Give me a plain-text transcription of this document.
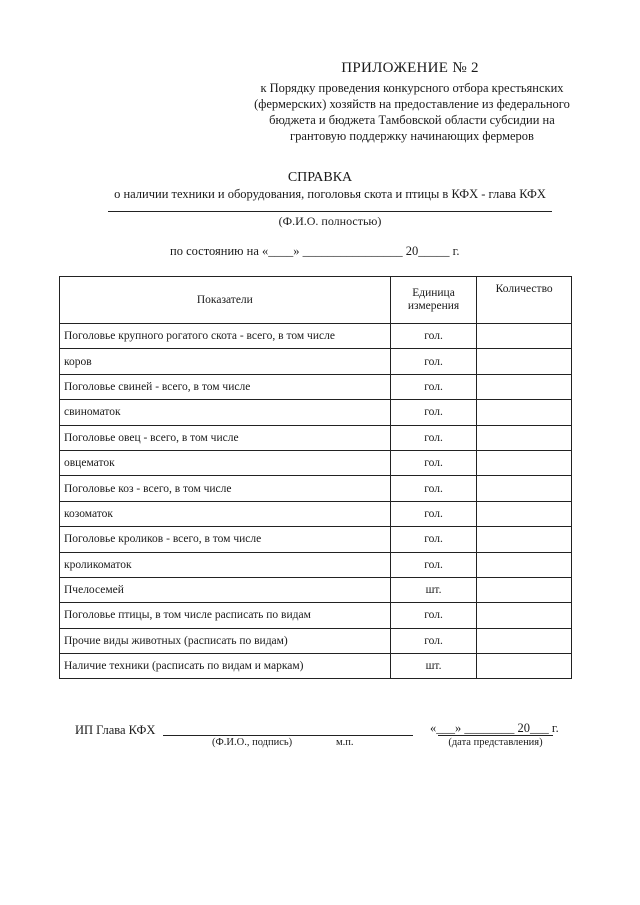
ПРИЛОЖЕНИЕ № 2
к Порядку проведения конкурсного отбора крестьянских
(фермерских) хозяйств на предоставление из федерального
бюджета и бюджета Тамбовской области субсидии на
грантовую поддержку начинающих фермеров
СПРАВКА
о наличии техники и оборудования, поголовья скота и птицы в КФХ - глава КФХ
(Ф.И.О. полностью)
по состоянию на «____» ________________ 20_____ г.
Показатели	Единица измерения	Количество
Поголовье крупного рогатого скота - всего, в том числе	гол.	
коров	гол.	
Поголовье свиней - всего, в том числе	гол.	
свиноматок	гол.	
Поголовье овец - всего, в том числе	гол.	
овцематок	гол.	
Поголовье коз - всего, в том числе	гол.	
козоматок	гол.	
Поголовье кроликов - всего, в том числе	гол.	
кроликоматок	гол.	
Пчелосемей	шт.	
Поголовье птицы, в том числе расписать по видам	гол.	
Прочие виды животных (расписать по видам)	гол.	
Наличие техники (расписать по видам и маркам)	шт.	
ИП Глава КФХ
(Ф.И.О., подпись)	м.п.
«___» ________ 20___ г.
(дата представления)
